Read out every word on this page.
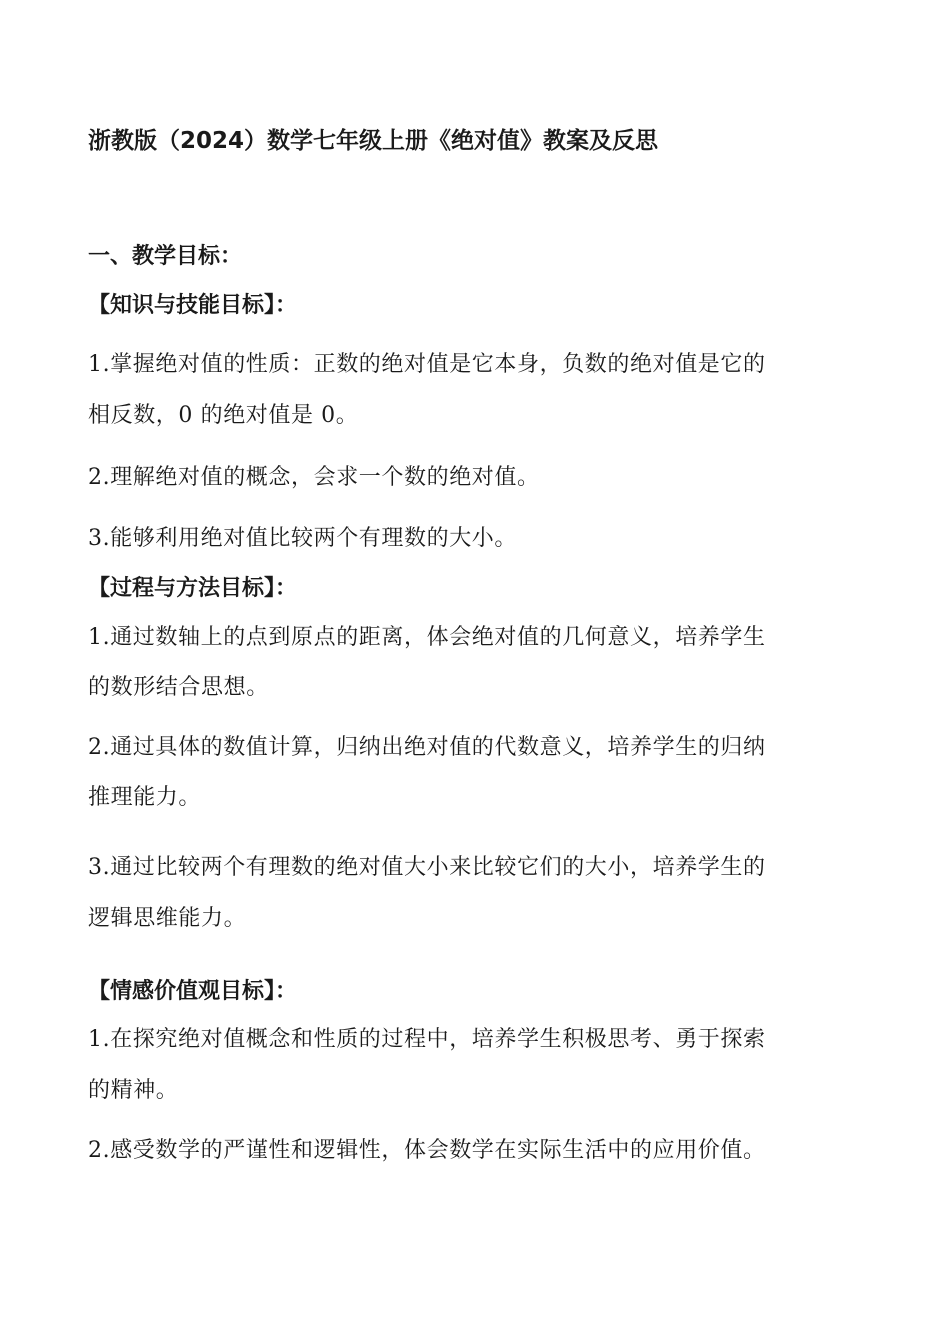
浙教版（2024）数学七年级上册《绝对值》教案及反思
一、教学目标：
【知识与技能目标】：
1.掌握绝对值的性质：正数的绝对值是它本身，负数的绝对值是它的
相反数，0 的绝对值是 0。
2.理解绝对值的概念，会求一个数的绝对值。
3.能够利用绝对值比较两个有理数的大小。
【过程与方法目标】：
1.通过数轴上的点到原点的距离，体会绝对值的几何意义，培养学生
的数形结合思想。
2.通过具体的数值计算，归纳出绝对值的代数意义，培养学生的归纳
推理能力。
3.通过比较两个有理数的绝对值大小来比较它们的大小，培养学生的
逻辑思维能力。
【情感价值观目标】：
1.在探究绝对值概念和性质的过程中，培养学生积极思考、勇于探索
的精神。
2.感受数学的严谨性和逻辑性，体会数学在实际生活中的应用价值。
